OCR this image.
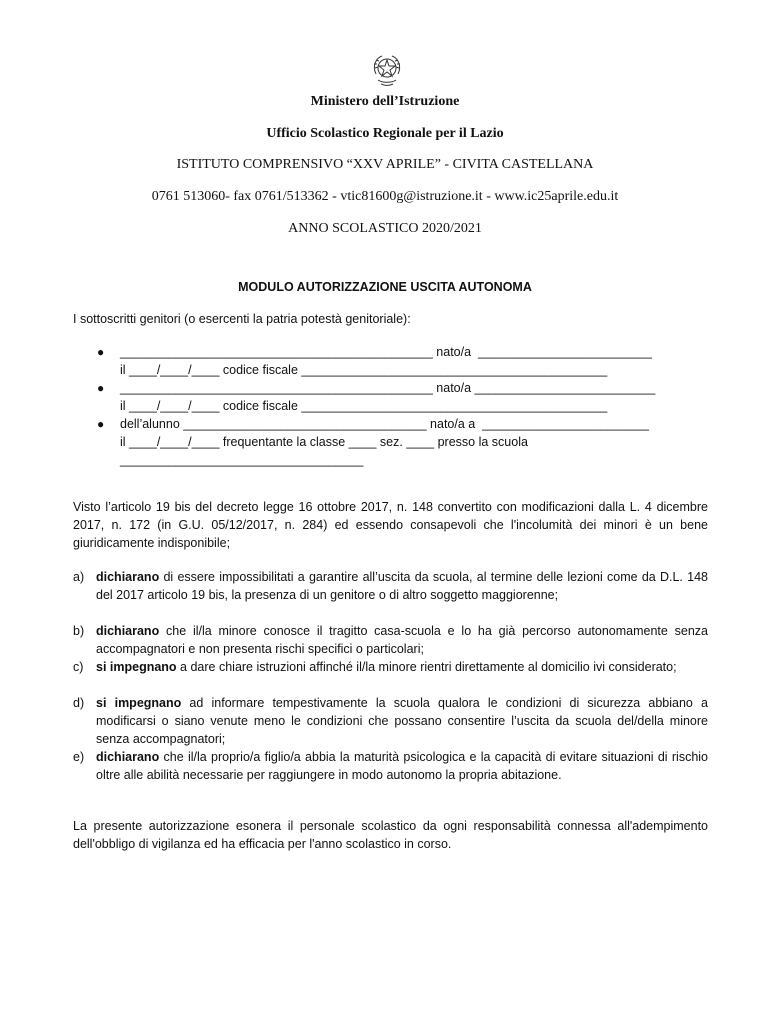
Ministero dell’Istruzione
Ufficio Scolastico Regionale per il Lazio
ISTITUTO COMPRENSIVO “XXV APRILE” - CIVITA CASTELLANA
0761 513060- fax 0761/513362 - vtic81600g@istruzione.it - www.ic25aprile.edu.it
ANNO SCOLASTICO 2020/2021
MODULO AUTORIZZAZIONE USCITA AUTONOMA
I sottoscritti genitori (o esercenti la patria potestà genitoriale):
● _____________________________________________ nato/a  _________________________
il ____/____/____ codice fiscale ____________________________________________
● _____________________________________________ nato/a __________________________
il ____/____/____ codice fiscale ____________________________________________
● dell’alunno ___________________________________ nato/a a  ________________________
il ____/____/____ frequentante la classe ____ sez. ____ presso la scuola
___________________________________
Visto l’articolo 19 bis del decreto legge 16 ottobre 2017, n. 148 convertito con modificazioni dalla L. 4 dicembre 2017, n. 172 (in G.U. 05/12/2017, n. 284) ed essendo consapevoli che l'incolumità dei minori è un bene giuridicamente indisponibile;
a) dichiarano di essere impossibilitati a garantire all’uscita da scuola, al termine delle lezioni come da D.L. 148 del 2017 articolo 19 bis, la presenza di un genitore o di altro soggetto maggiorenne;
b) dichiarano che il/la minore conosce il tragitto casa-scuola e lo ha già percorso autonomamente senza accompagnatori e non presenta rischi specifici o particolari;
c) si impegnano a dare chiare istruzioni affinché il/la minore rientri direttamente al domicilio ivi considerato;
d) si impegnano ad informare tempestivamente la scuola qualora le condizioni di sicurezza abbiano a modificarsi o siano venute meno le condizioni che possano consentire l’uscita da scuola del/della minore senza accompagnatori;
e) dichiarano che il/la proprio/a figlio/a abbia la maturità psicologica e la capacità di evitare situazioni di rischio oltre alle abilità necessarie per raggiungere in modo autonomo la propria abitazione.
La presente autorizzazione esonera il personale scolastico da ogni responsabilità connessa all'adempimento dell'obbligo di vigilanza ed ha efficacia per l'anno scolastico in corso.
